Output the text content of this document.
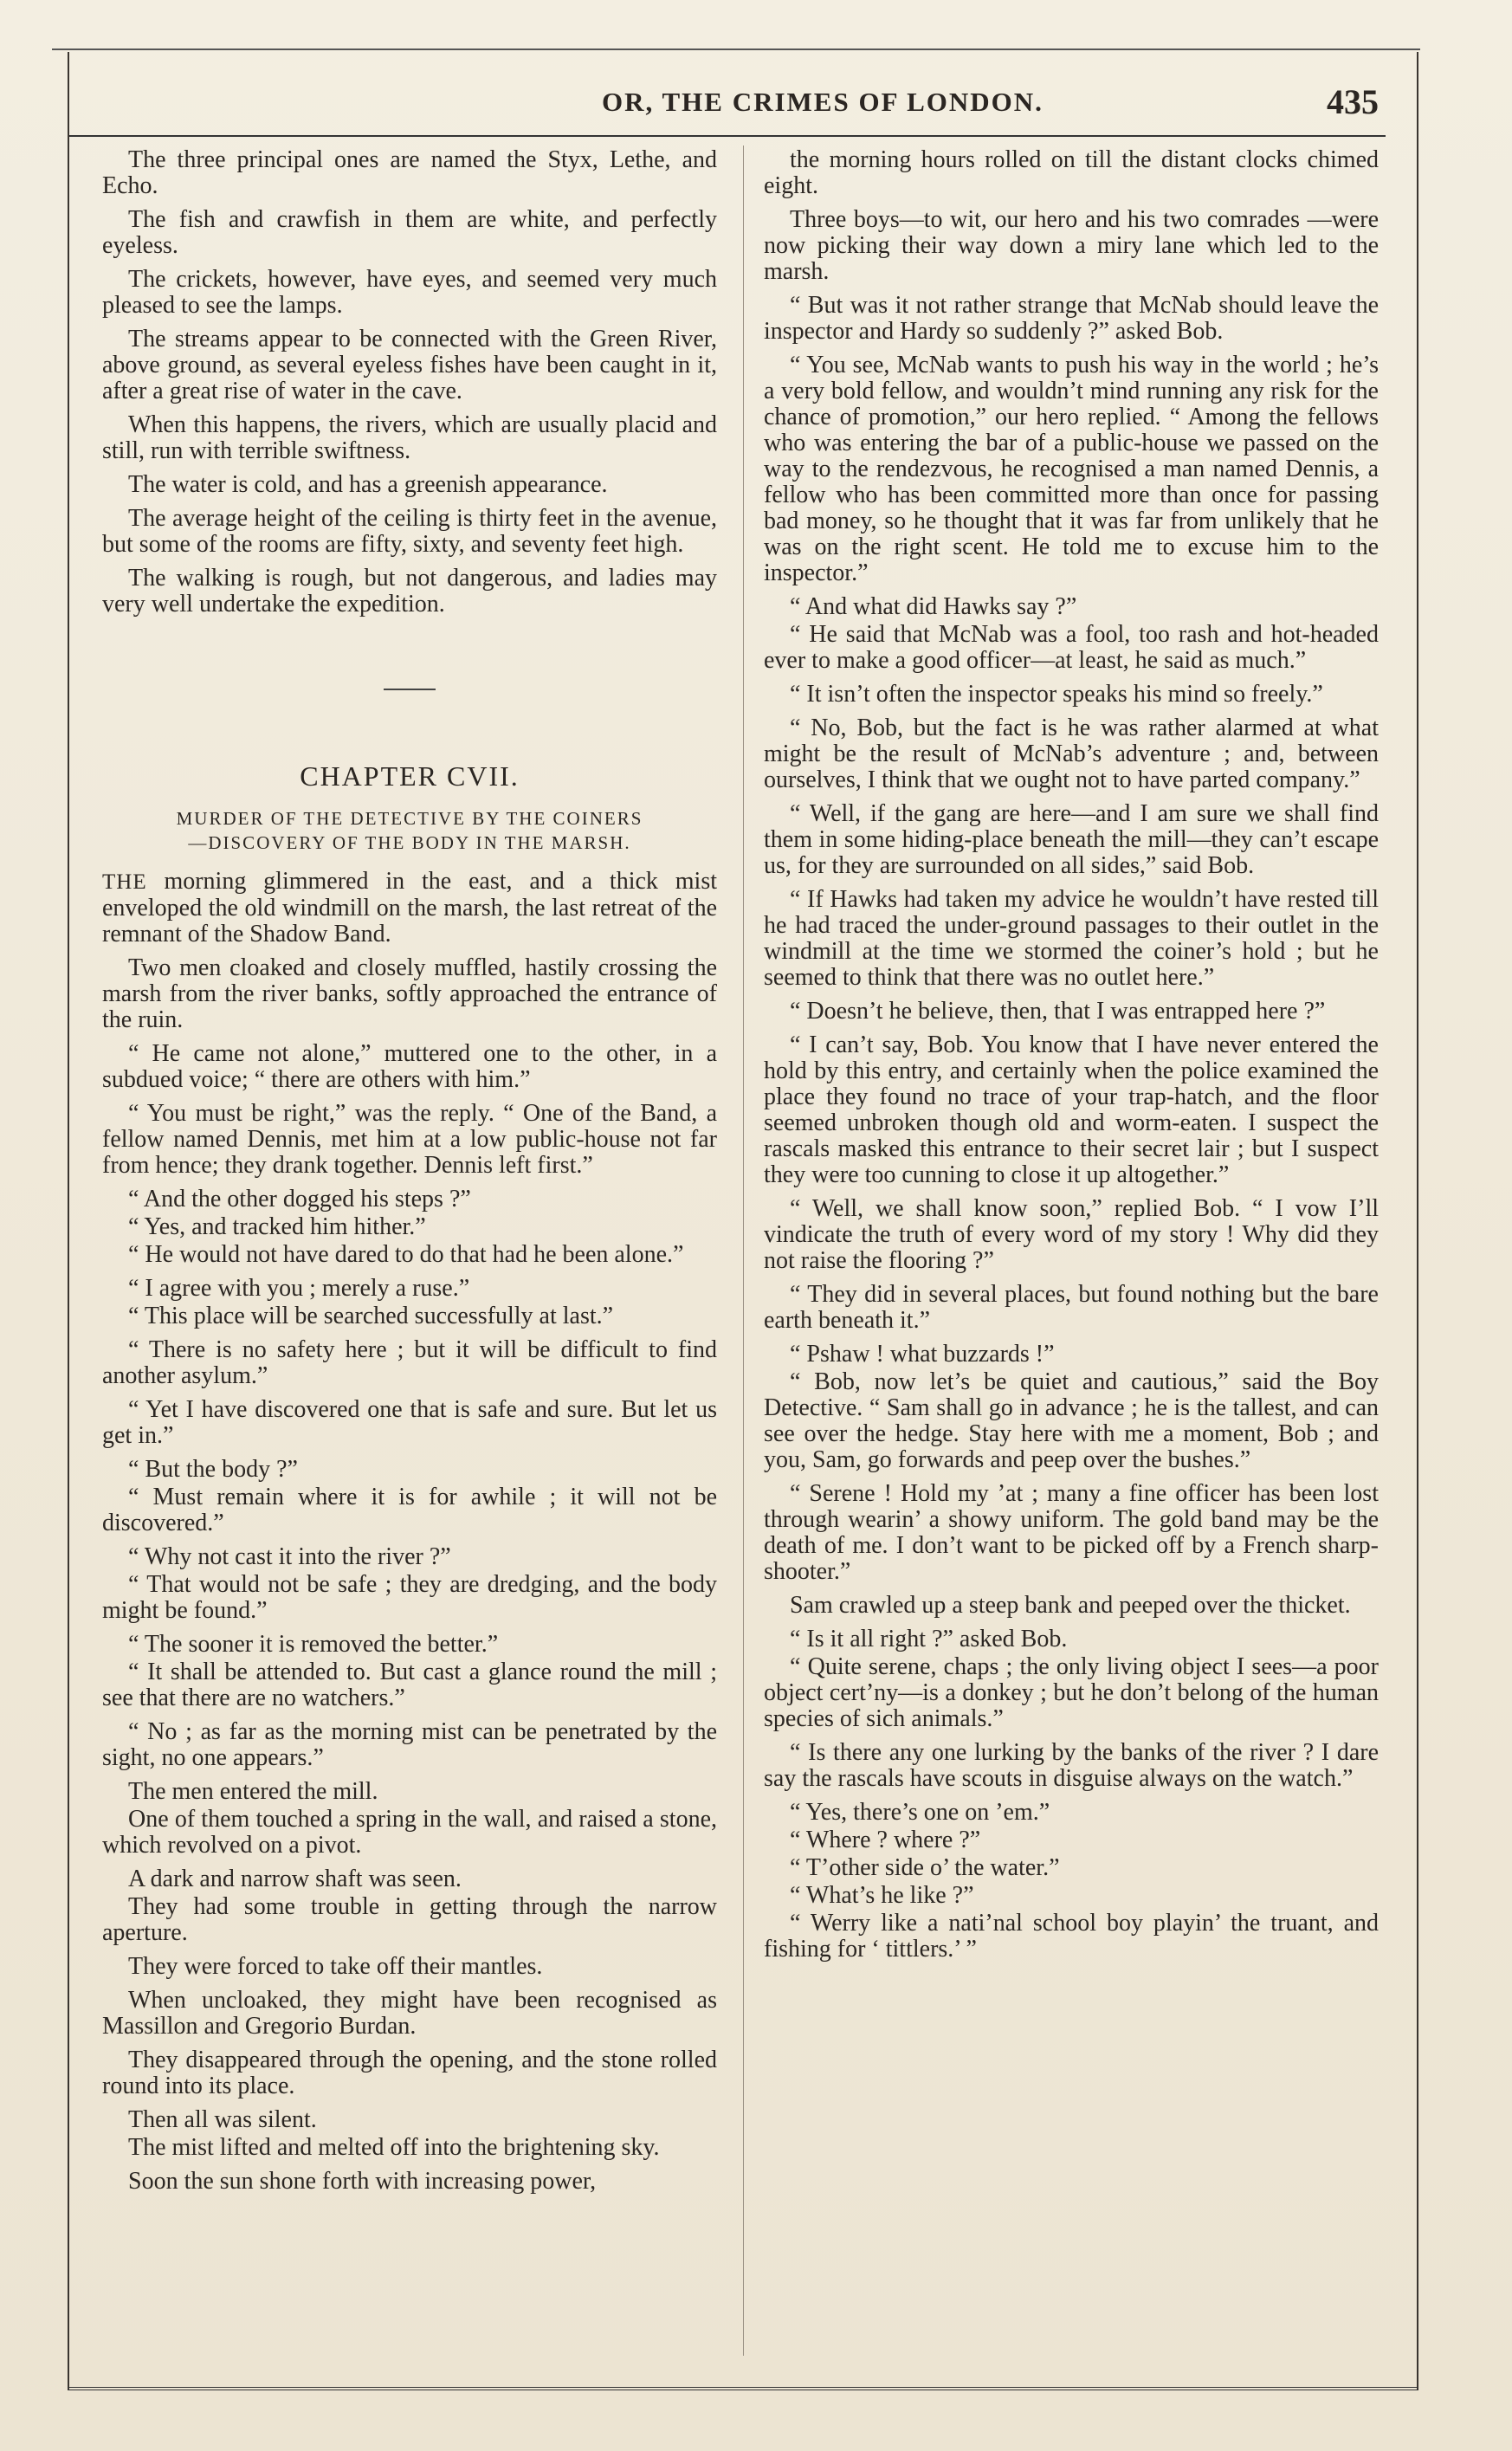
OR, THE CRIMES OF LONDON.	435

The three principal ones are named the Styx, Lethe, and Echo.

The fish and crawfish in them are white, and perfectly eyeless.

The crickets, however, have eyes, and seemed very much pleased to see the lamps.

The streams appear to be connected with the Green River, above ground, as several eyeless fishes have been caught in it, after a great rise of water in the cave.

When this happens, the rivers, which are usually placid and still, run with terrible swiftness.

The water is cold, and has a greenish appearance.

The average height of the ceiling is thirty feet in the avenue, but some of the rooms are fifty, sixty, and seventy feet high.

The walking is rough, but not dangerous, and ladies may very well undertake the expedition.

CHAPTER CVII.
MURDER OF THE DETECTIVE BY THE COINERS
—DISCOVERY OF THE BODY IN THE MARSH.

THE morning glimmered in the east, and a thick mist enveloped the old windmill on the marsh, the last retreat of the remnant of the Shadow Band.

Two men cloaked and closely muffled, hastily crossing the marsh from the river banks, softly approached the entrance of the ruin.

“ He came not alone,” muttered one to the other, in a subdued voice; “ there are others with him.”

“ You must be right,” was the reply. “ One of the Band, a fellow named Dennis, met him at a low public-house not far from hence; they drank together. Dennis left first.”

“ And the other dogged his steps ?”

“ Yes, and tracked him hither.”

“ He would not have dared to do that had he been alone.”

“ I agree with you ; merely a ruse.”

“ This place will be searched successfully at last.”

“ There is no safety here ; but it will be difficult to find another asylum.”

“ Yet I have discovered one that is safe and sure. But let us get in.”

“ But the body ?”

“ Must remain where it is for awhile ; it will not be discovered.”

“ Why not cast it into the river ?”

“ That would not be safe ; they are dredging, and the body might be found.”

“ The sooner it is removed the better.”

“ It shall be attended to. But cast a glance round the mill ; see that there are no watchers.”

“ No ; as far as the morning mist can be penetrated by the sight, no one appears.”

The men entered the mill.

One of them touched a spring in the wall, and raised a stone, which revolved on a pivot.

A dark and narrow shaft was seen.

They had some trouble in getting through the narrow aperture.

They were forced to take off their mantles.

When uncloaked, they might have been recognised as Massillon and Gregorio Burdan.

They disappeared through the opening, and the stone rolled round into its place.

Then all was silent.

The mist lifted and melted off into the brightening sky.

Soon the sun shone forth with increasing power,

the morning hours rolled on till the distant clocks chimed eight.

Three boys—to wit, our hero and his two comrades —were now picking their way down a miry lane which led to the marsh.

“ But was it not rather strange that McNab should leave the inspector and Hardy so suddenly ?” asked Bob.

“ You see, McNab wants to push his way in the world ; he’s a very bold fellow, and wouldn’t mind running any risk for the chance of promotion,” our hero replied. “ Among the fellows who was entering the bar of a public-house we passed on the way to the rendezvous, he recognised a man named Dennis, a fellow who has been committed more than once for passing bad money, so he thought that it was far from unlikely that he was on the right scent. He told me to excuse him to the inspector.”

“ And what did Hawks say ?”

“ He said that McNab was a fool, too rash and hot-headed ever to make a good officer—at least, he said as much.”

“ It isn’t often the inspector speaks his mind so freely.”

“ No, Bob, but the fact is he was rather alarmed at what might be the result of McNab’s adventure ; and, between ourselves, I think that we ought not to have parted company.”

“ Well, if the gang are here—and I am sure we shall find them in some hiding-place beneath the mill—they can’t escape us, for they are surrounded on all sides,” said Bob.

“ If Hawks had taken my advice he wouldn’t have rested till he had traced the under-ground passages to their outlet in the windmill at the time we stormed the coiner’s hold ; but he seemed to think that there was no outlet here.”

“ Doesn’t he believe, then, that I was entrapped here ?”

“ I can’t say, Bob. You know that I have never entered the hold by this entry, and certainly when the police examined the place they found no trace of your trap-hatch, and the floor seemed unbroken though old and worm-eaten. I suspect the rascals masked this entrance to their secret lair ; but I suspect they were too cunning to close it up altogether.”

“ Well, we shall know soon,” replied Bob. “ I vow I’ll vindicate the truth of every word of my story ! Why did they not raise the flooring ?”

“ They did in several places, but found nothing but the bare earth beneath it.”

“ Pshaw ! what buzzards !”

“ Bob, now let’s be quiet and cautious,” said the Boy Detective. “ Sam shall go in advance ; he is the tallest, and can see over the hedge. Stay here with me a moment, Bob ; and you, Sam, go forwards and peep over the bushes.”

“ Serene ! Hold my ’at ; many a fine officer has been lost through wearin’ a showy uniform. The gold band may be the death of me. I don’t want to be picked off by a French sharp-shooter.”

Sam crawled up a steep bank and peeped over the thicket.

“ Is it all right ?” asked Bob.

“ Quite serene, chaps ; the only living object I sees—a poor object cert’ny—is a donkey ; but he don’t belong of the human species of sich animals.”

“ Is there any one lurking by the banks of the river ? I dare say the rascals have scouts in disguise always on the watch.”

“ Yes, there’s one on ’em.”

“ Where ? where ?”

“ T’other side o’ the water.”

“ What’s he like ?”

“ Werry like a nati’nal school boy playin’ the truant, and fishing for ‘ tittlers.’ ”
